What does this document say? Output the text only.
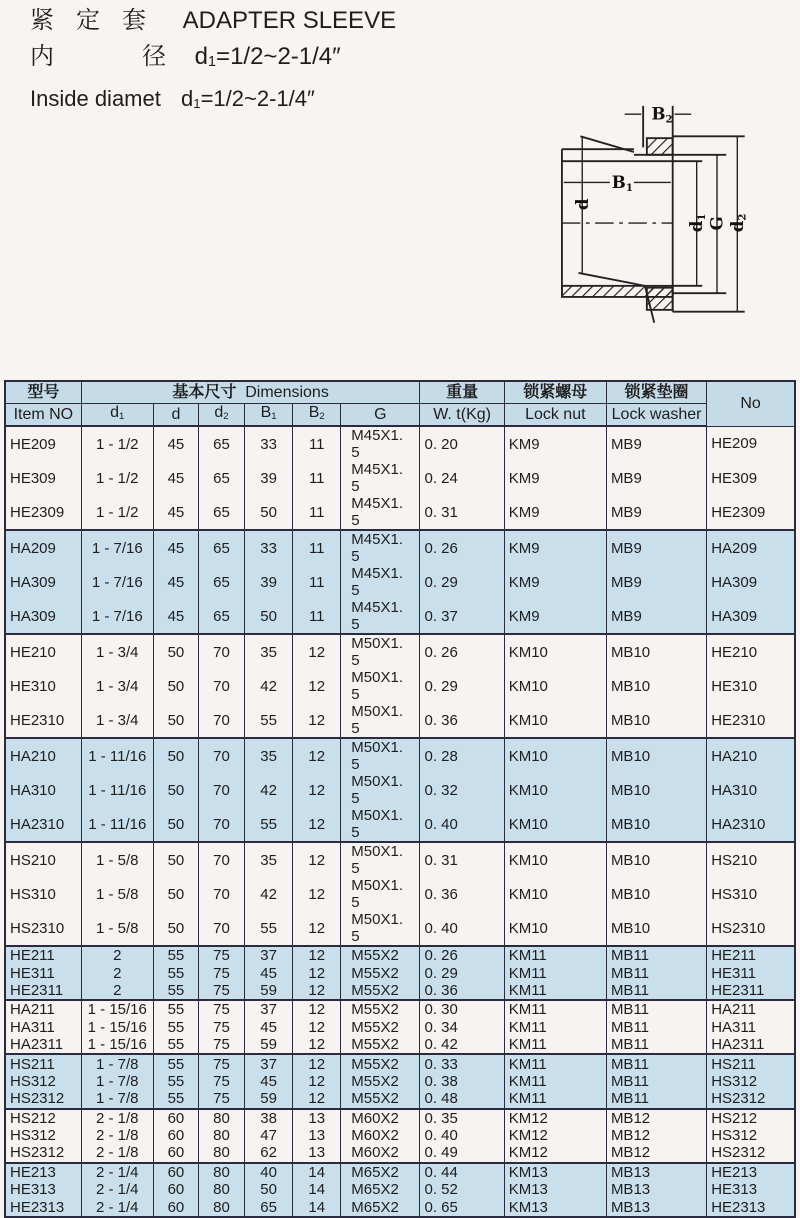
紧定套 ADAPTER SLEEVE
内	径 $d_1=1/2\sim 2-1/4''$
Inside diamet $d_1=1/2\sim 2-1/4''$
B2
B1
d
d1
G d2
型号	基本尺寸 Dimensions						重量	锁紧螺母	锁紧垫圈	No
Item NO	$d_1$	d	$d_2$	$B_1$	$B_2$	G	W. t(Kg)	Lock nut	Lock washer	
HE209	1 - 1/2	45	65	33	11	M45X1. 5	0. 20	KM9	MB9	HE209
HE309	1 - 1/2	45	65	39	11	M45X1. 5	0. 24	KM9	MB9	HE309
HE2309	1 - 1/2	45	65	50	11	M45X1. 5	0. 31	KM9	MB9	HE2309
HA209	1 - 7/16	45	65	33	11	M45X1. 5	0. 26	KM9	MB9	HA209
HA309	1 - 7/16	45	65	39	11	M45X1. 5	0. 29	KM9	MB9	HA309
HA309	1 - 7/16	45	65	50	11	M45X1. 5	0. 37	KM9	MB9	HA309
HE210	1 - 3/4	50	70	35	12	M50X1. 5	0. 26	KM10	MB10	HE210
HE310	1 - 3/4	50	70	42	12	M50X1. 5	0. 29	KM10	MB10	HE310
HE2310	1 - 3/4	50	70	55	12	M50X1. 5	0. 36	KM10	MB10	HE2310
HA210	1 - 11/16	50	70	35	12	M50X1. 5	0. 28	KM10	MB10	HA210
HA310	1 - 11/16	50	70	42	12	M50X1. 5	0. 32	KM10	MB10	HA310
HA2310	1 - 11/16	50	70	55	12	M50X1. 5	0. 40	KM10	MB10	HA2310
HS210	1 - 5/8	50	70	35	12	M50X1. 5	0. 31	KM10	MB10	HS210
HS310	1 - 5/8	50	70	42	12	M50X1. 5	0. 36	KM10	MB10	HS310
HS2310	1 - 5/8	50	70	55	12	M50X1. 5	0. 40	KM10	MB10	HS2310
HE211	2	55	75	37	12	M55X2	0. 26	KM11	MB11	HE211
HE311	2	55	75	45	12	M55X2	0. 29	KM11	MB11	HE311
HE2311	2	55	75	59	12	M55X2	0. 36	KM11	MB11	HE2311
HA211	1 - 15/16	55	75	37	12	M55X2	0. 30	KM11	MB11	HA211
HA311	1 - 15/16	55	75	45	12	M55X2	0. 34	KM11	MB11	HA311
HA2311	1 - 15/16	55	75	59	12	M55X2	0. 42	KM11	MB11	HA2311
HS211	1 - 7/8	55	75	37	12	M55X2	0. 33	KM11	MB11	HS211
HS312	1 - 7/8	55	75	45	12	M55X2	0. 38	KM11	MB11	HS312
HS2312	1 - 7/8	55	75	59	12	M55X2	0. 48	KM11	MB11	HS2312
HS212	2 - 1/8	60	80	38	13	M60X2	0. 35	KM12	MB12	HS212
HS312	2 - 1/8	60	80	47	13	M60X2	0. 40	KM12	MB12	HS312
HS2312	2 - 1/8	60	80	62	13	M60X2	0. 49	KM12	MB12	HS2312
HE213	2 - 1/4	60	80	40	14	M65X2	0. 44	KM13	MB13	HE213
HE313	2 - 1/4	60	80	50	14	M65X2	0. 52	KM13	MB13	HE313
HE2313	2 - 1/4	60	80	65	14	M65X2	0. 65	KM13	MB13	HE2313
